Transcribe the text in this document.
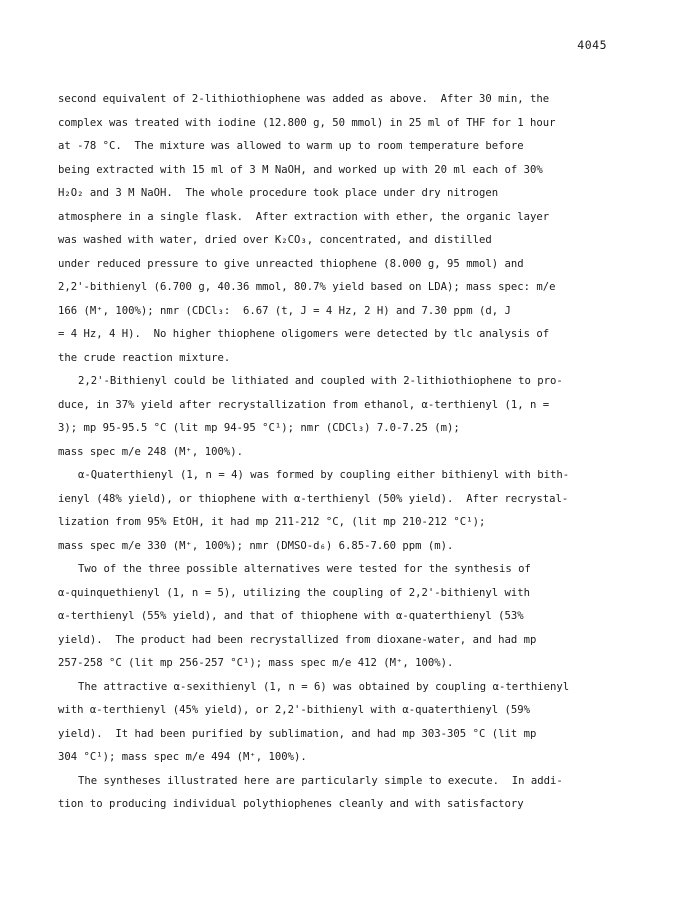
4045
second equivalent of 2-lithiothiophene was added as above.  After 30 min, the
complex was treated with iodine (12.800 g, 50 mmol) in 25 ml of THF for 1 hour
at -78 °C.  The mixture was allowed to warm up to room temperature before
being extracted with 15 ml of 3 M NaOH, and worked up with 20 ml each of 30%
H₂O₂ and 3 M NaOH.  The whole procedure took place under dry nitrogen
atmosphere in a single flask.  After extraction with ether, the organic layer
was washed with water, dried over K₂CO₃, concentrated, and distilled
under reduced pressure to give unreacted thiophene (8.000 g, 95 mmol) and
2,2'-bithienyl (6.700 g, 40.36 mmol, 80.7% yield based on LDA); mass spec: m/e
166 (M⁺, 100%); nmr (CDCl₃:  6.67 (t, J = 4 Hz, 2 H) and 7.30 ppm (d, J
= 4 Hz, 4 H).  No higher thiophene oligomers were detected by tlc analysis of
the crude reaction mixture.
2,2'-Bithienyl could be lithiated and coupled with 2-lithiothiophene to pro-
duce, in 37% yield after recrystallization from ethanol, α-terthienyl (1, n =
3); mp 95-95.5 °C (lit mp 94-95 °C¹); nmr (CDCl₃) 7.0-7.25 (m);
mass spec m/e 248 (M⁺, 100%).
α-Quaterthienyl (1, n = 4) was formed by coupling either bithienyl with bith-
ienyl (48% yield), or thiophene with α-terthienyl (50% yield).  After recrystal-
lization from 95% EtOH, it had mp 211-212 °C, (lit mp 210-212 °C¹);
mass spec m/e 330 (M⁺, 100%); nmr (DMSO-d₆) 6.85-7.60 ppm (m).
Two of the three possible alternatives were tested for the synthesis of
α-quinquethienyl (1, n = 5), utilizing the coupling of 2,2'-bithienyl with
α-terthienyl (55% yield), and that of thiophene with α-quaterthienyl (53%
yield).  The product had been recrystallized from dioxane-water, and had mp
257-258 °C (lit mp 256-257 °C¹); mass spec m/e 412 (M⁺, 100%).
The attractive α-sexithienyl (1, n = 6) was obtained by coupling α-terthienyl
with α-terthienyl (45% yield), or 2,2'-bithienyl with α-quaterthienyl (59%
yield).  It had been purified by sublimation, and had mp 303-305 °C (lit mp
304 °C¹); mass spec m/e 494 (M⁺, 100%).
The syntheses illustrated here are particularly simple to execute.  In addi-
tion to producing individual polythiophenes cleanly and with satisfactory
